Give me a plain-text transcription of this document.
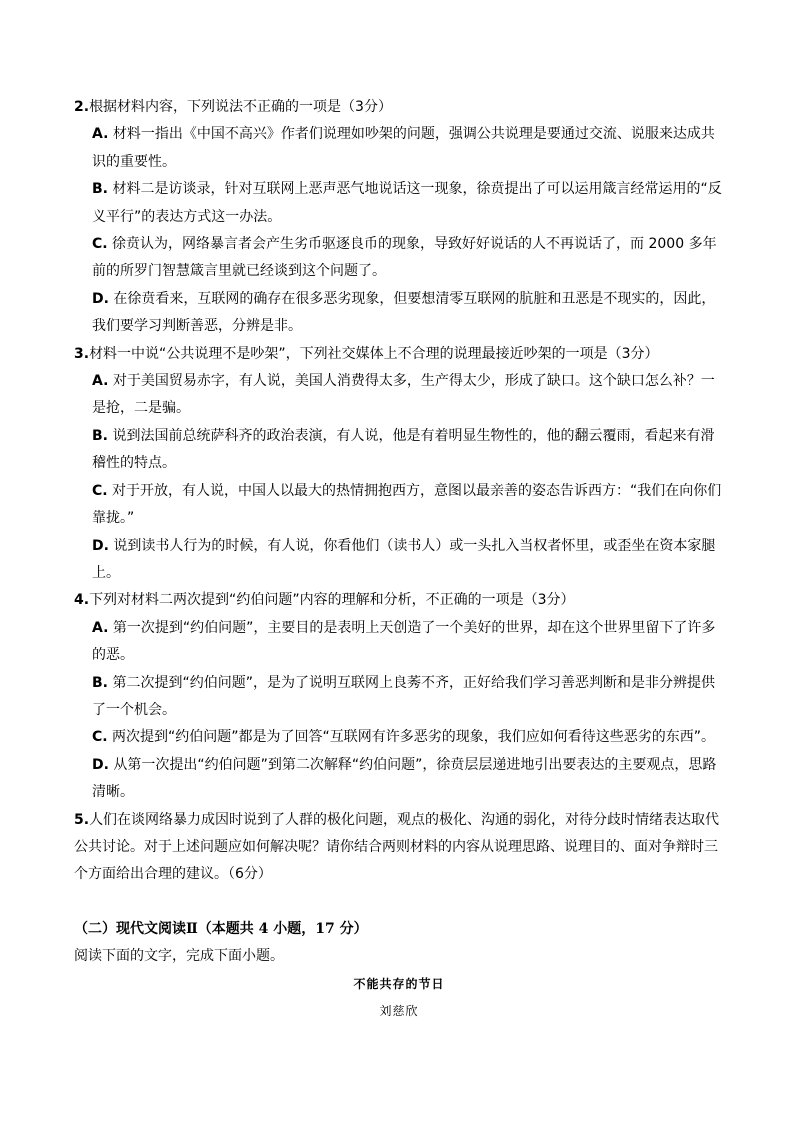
2.根据材料内容，下列说法不正确的一项是（3分）

A. 材料一指出《中国不高兴》作者们说理如吵架的问题，强调公共说理是要通过交流、说服来达成共识的重要性。

B. 材料二是访谈录，针对互联网上恶声恶气地说话这一现象，徐贲提出了可以运用箴言经常运用的“反义平行”的表达方式这一办法。

C. 徐贲认为，网络暴言者会产生劣币驱逐良币的现象，导致好好说话的人不再说话了，而 2000 多年前的所罗门智慧箴言里就已经谈到这个问题了。

D. 在徐贲看来，互联网的确存在很多恶劣现象，但要想清零互联网的肮脏和丑恶是不现实的，因此，我们要学习判断善恶，分辨是非。

3.材料一中说“公共说理不是吵架”，下列社交媒体上不合理的说理最接近吵架的一项是（3分）

A. 对于美国贸易赤字，有人说，美国人消费得太多，生产得太少，形成了缺口。这个缺口怎么补？一是抢，二是骗。

B. 说到法国前总统萨科齐的政治表演，有人说，他是有着明显生物性的，他的翻云覆雨，看起来有滑稽性的特点。

C. 对于开放，有人说，中国人以最大的热情拥抱西方，意图以最亲善的姿态告诉西方：“我们在向你们靠拢。”

D. 说到读书人行为的时候，有人说，你看他们（读书人）或一头扎入当权者怀里，或歪坐在资本家腿上。

4.下列对材料二两次提到“约伯问题”内容的理解和分析，不正确的一项是（3分）

A. 第一次提到“约伯问题”，主要目的是表明上天创造了一个美好的世界，却在这个世界里留下了许多的恶。

B. 第二次提到“约伯问题”，是为了说明互联网上良莠不齐，正好给我们学习善恶判断和是非分辨提供了一个机会。

C. 两次提到“约伯问题”都是为了回答“互联网有许多恶劣的现象，我们应如何看待这些恶劣的东西”。

D. 从第一次提出“约伯问题”到第二次解释“约伯问题”，徐贲层层递进地引出要表达的主要观点，思路清晰。

5.人们在谈网络暴力成因时说到了人群的极化问题，观点的极化、沟通的弱化，对待分歧时情绪表达取代公共讨论。对于上述问题应如何解决呢？请你结合两则材料的内容从说理思路、说理目的、面对争辩时三个方面给出合理的建议。（6分）

（二）现代文阅读Ⅱ（本题共 4 小题，17 分）

阅读下面的文字，完成下面小题。

不能共存的节日

刘慈欣
